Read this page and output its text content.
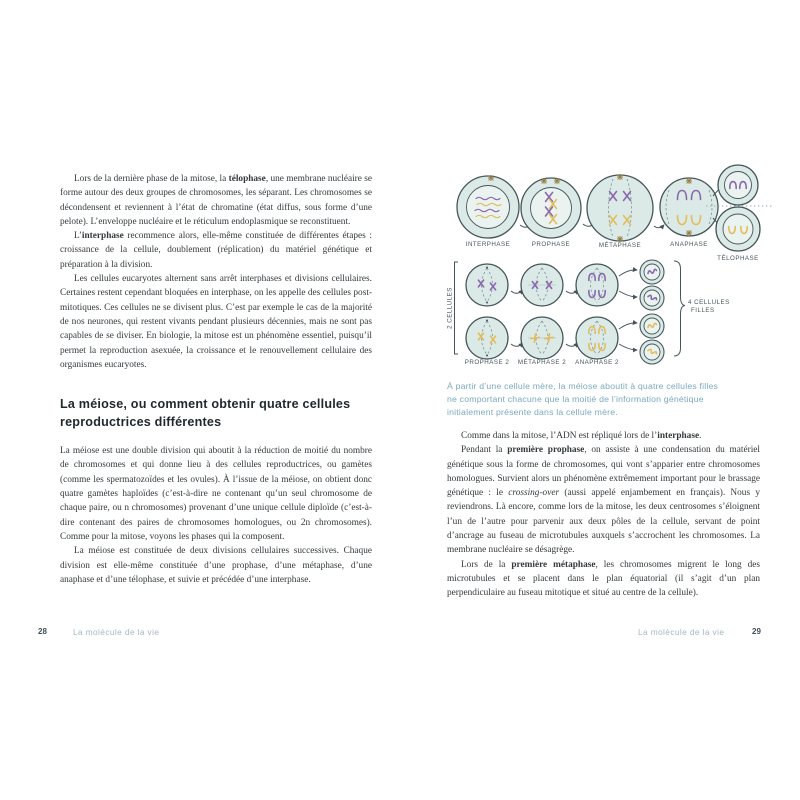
Lors de la dernière phase de la mitose, la télophase, une membrane nucléaire se forme autour des deux groupes de chromosomes, les séparant. Les chromosomes se décondensent et reviennent à l’état de chromatine (état diffus, sous forme d’une pelote). L’enveloppe nucléaire et le réticulum endoplasmique se reconstituent.

L’interphase recommence alors, elle-même constituée de différentes étapes : croissance de la cellule, doublement (réplication) du matériel génétique et préparation à la division.

Les cellules eucaryotes alternent sans arrêt interphases et divisions cellulaires. Certaines restent cependant bloquées en interphase, on les appelle des cellules post-mitotiques. Ces cellules ne se divisent plus. C’est par exemple le cas de la majorité de nos neurones, qui restent vivants pendant plusieurs décennies, mais ne sont pas capables de se diviser. En biologie, la mitose est un phénomène essentiel, puisqu’il permet la reproduction asexuée, la croissance et le renouvellement cellulaire des organismes eucaryotes.

La méiose, ou comment obtenir quatre cellules
reproductrices différentes

La méiose est une double division qui aboutit à la réduction de moitié du nombre de chromosomes et qui donne lieu à des cellules reproductrices, ou gamètes (comme les spermatozoïdes et les ovules). À l’issue de la méiose, on obtient donc quatre gamètes haploïdes (c’est-à-dire ne contenant qu’un seul chromosome de chaque paire, ou n chromosomes) provenant d’une unique cellule diploïde (c’est-à-dire contenant des paires de chromosomes homologues, ou 2n chromosomes). Comme pour la mitose, voyons les phases qui la composent.

La méiose est constituée de deux divisions cellulaires successives. Chaque division est elle-même constituée d’une prophase, d’une métaphase, d’une anaphase et d’une télophase, et suivie et précédée d’une interphase.

28	La molécule de la vie
INTERPHASE	PROPHASE	MÉTAPHASE	ANAPHASE
TÉLOPHASE
2 CELLULES	4 CELLULES
FILLES
PROPHASE 2 MÉTAPHASE 2 ANAPHASE 2
À partir d’une cellule mère, la méiose aboutit à quatre cellules filles
ne comportant chacune que la moitié de l’information génétique
initialement présente dans la cellule mère.

Comme dans la mitose, l’ADN est répliqué lors de l’interphase.

Pendant la première prophase, on assiste à une condensation du matériel génétique sous la forme de chromosomes, qui vont s’apparier entre chromosomes homologues. Survient alors un phénomène extrêmement important pour le brassage génétique : le crossing-over (aussi appelé enjambement en français). Nous y reviendrons. Là encore, comme lors de la mitose, les deux centrosomes s’éloignent l’un de l’autre pour parvenir aux deux pôles de la cellule, servant de point d’ancrage au fuseau de microtubules auxquels s’accrochent les chromosomes. La membrane nucléaire se désagrège.

Lors de la première métaphase, les chromosomes migrent le long des microtubules et se placent dans le plan équatorial (il s’agit d’un plan perpendiculaire au fuseau mitotique et situé au centre de la cellule).

La molécule de la vie	29
